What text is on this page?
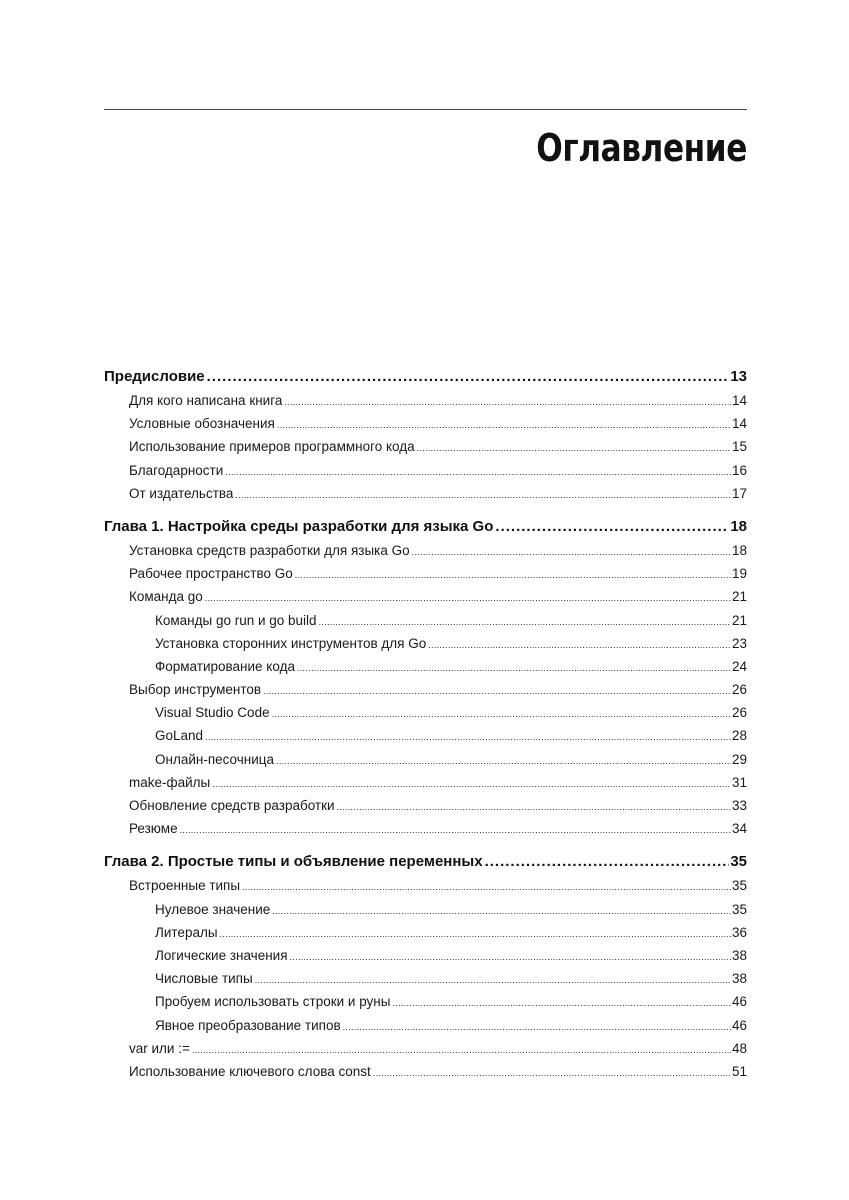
Оглавление
Предисловие .....	13
Для кого написана книга .....	14
Условные обозначения .....	14
Использование примеров программного кода .....	15
Благодарности .....	16
От издательства .....	17
Глава 1. Настройка среды разработки для языка Go .....	18
Установка средств разработки для языка Go .....	18
Рабочее пространство Go .....	19
Команда go .....	21
Команды go run и go build .....	21
Установка сторонних инструментов для Go .....	23
Форматирование кода .....	24
Выбор инструментов .....	26
Visual Studio Code .....	26
GoLand .....	28
Онлайн-песочница .....	29
make-файлы .....	31
Обновление средств разработки .....	33
Резюме .....	34
Глава 2. Простые типы и объявление переменных .....	35
Встроенные типы .....	35
Нулевое значение .....	35
Литералы .....	36
Логические значения .....	38
Числовые типы .....	38
Пробуем использовать строки и руны .....	46
Явное преобразование типов .....	46
var или := .....	48
Использование ключевого слова const .....	51
